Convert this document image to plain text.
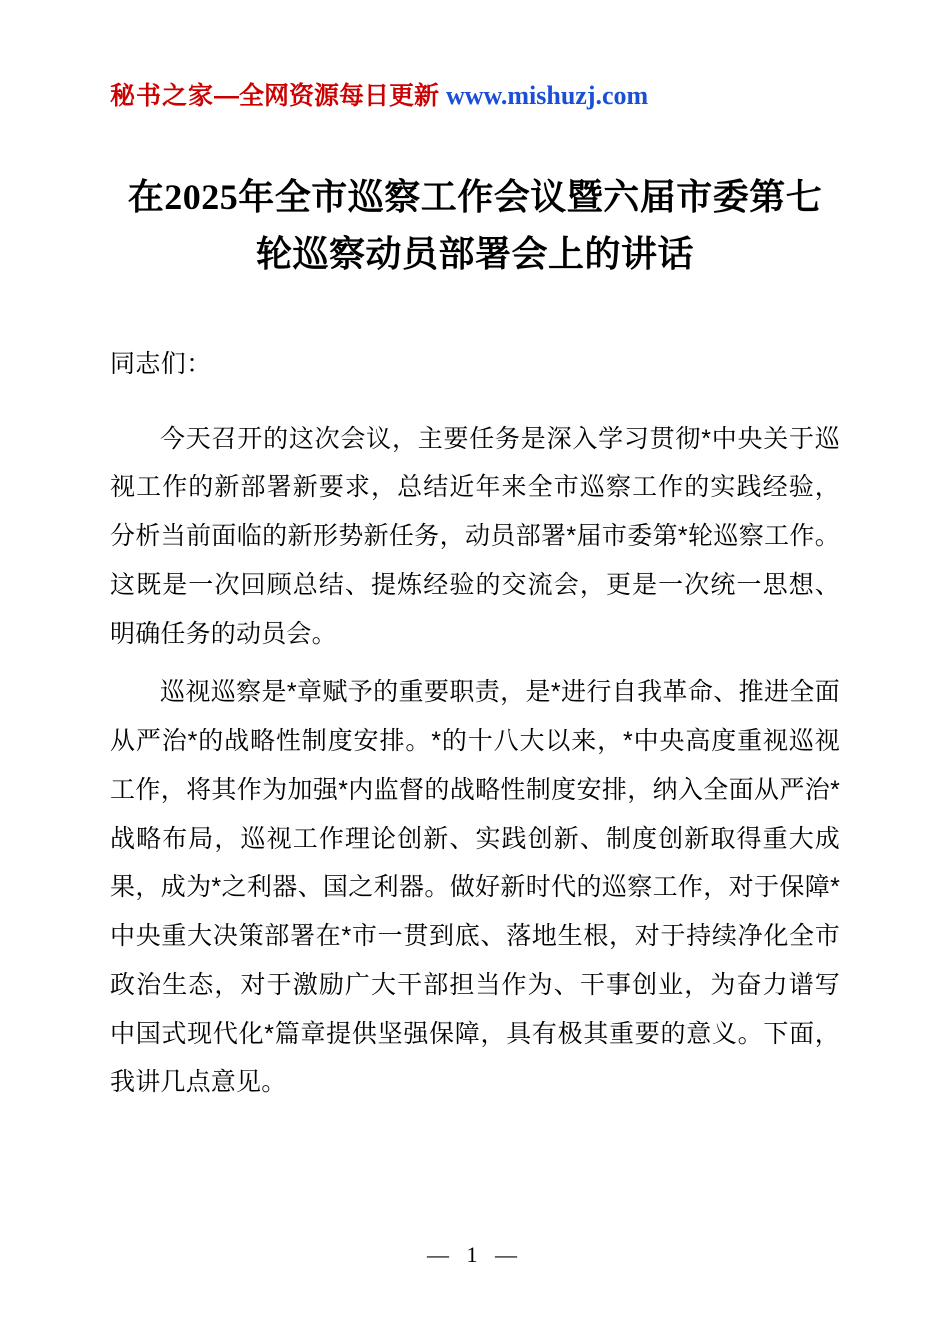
秘书之家—全网资源每日更新 www.mishuzj.com
在2025年全市巡察工作会议暨六届市委第七
轮巡察动员部署会上的讲话
同志们：

今天召开的这次会议，主要任务是深入学习贯彻*中央关于巡视工作的新部署新要求，总结近年来全市巡察工作的实践经验，分析当前面临的新形势新任务，动员部署*届市委第*轮巡察工作。这既是一次回顾总结、提炼经验的交流会，更是一次统一思想、明确任务的动员会。

巡视巡察是*章赋予的重要职责，是*进行自我革命、推进全面从严治*的战略性制度安排。*的十八大以来，*中央高度重视巡视工作，将其作为加强*内监督的战略性制度安排，纳入全面从严治*战略布局，巡视工作理论创新、实践创新、制度创新取得重大成果，成为*之利器、国之利器。做好新时代的巡察工作，对于保障*中央重大决策部署在*市一贯到底、落地生根，对于持续净化全市政治生态，对于激励广大干部担当作为、干事创业，为奋力谱写中国式现代化*篇章提供坚强保障，具有极其重要的意义。下面，我讲几点意见。

— 1 —
